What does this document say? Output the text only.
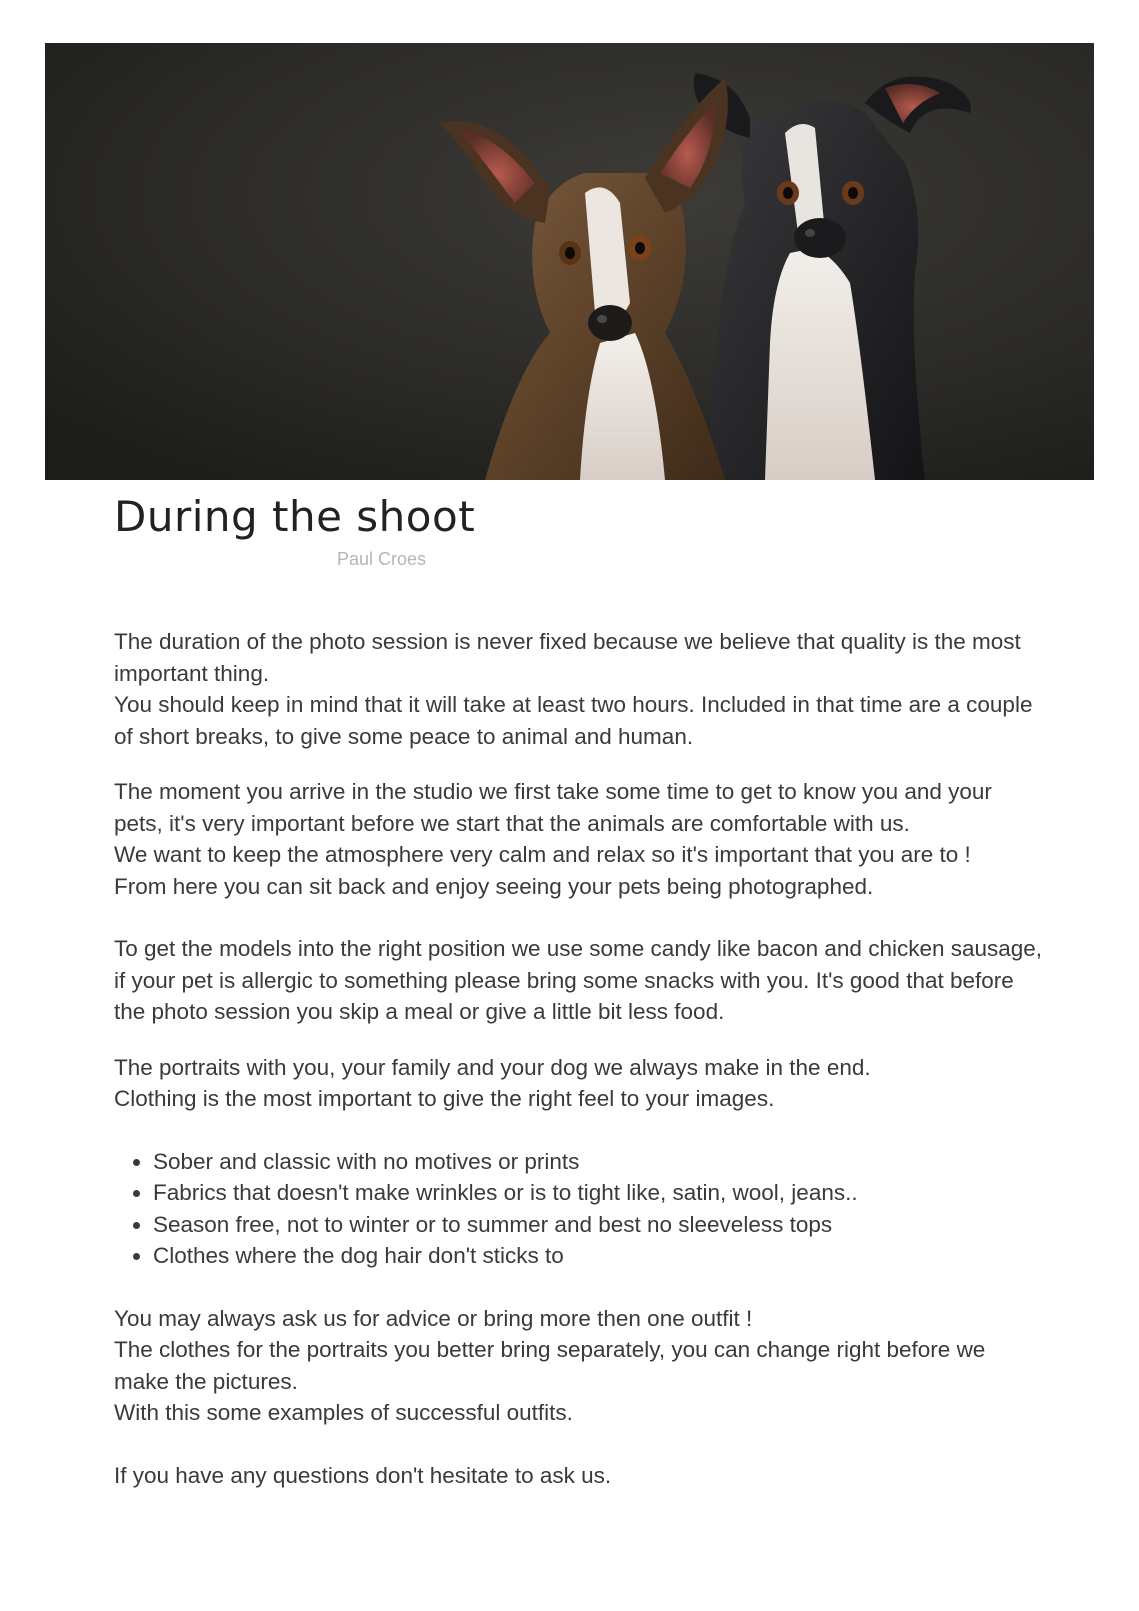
During the shoot
Paul Croes

The duration of the photo session is never fixed because we believe that quality is the most important thing.

You should keep in mind that it will take at least two hours. Included in that time are a couple of short breaks, to give some peace to animal and human.

The moment you arrive in the studio we first take some time to get to know you and your pets, it's very important before we start that the animals are comfortable with us.

We want to keep the atmosphere very calm and relax so it's important that you are to !

From here you can sit back and enjoy seeing your pets being photographed.

To get the models into the right position we use some candy like bacon and chicken sausage, if your pet is allergic to something please bring some snacks with you. It's good that before the photo session you skip a meal or give a little bit less food.

The portraits with you, your family and your dog we always make in the end.

Clothing is the most important to give the right feel to your images.

• Sober and classic with no motives or prints
• Fabrics that doesn't make wrinkles or is to tight like, satin, wool, jeans..
• Season free, not to winter or to summer and best no sleeveless tops
• Clothes where the dog hair don't sticks to

You may always ask us for advice or bring more then one outfit !

The clothes for the portraits you better bring separately, you can change right before we make the pictures.

With this some examples of successful outfits.

If you have any questions don't hesitate to ask us.
